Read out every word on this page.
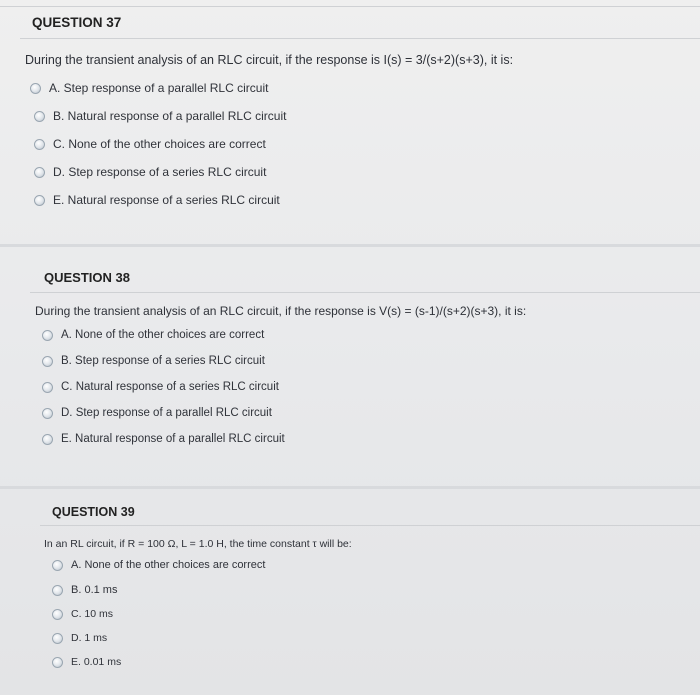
QUESTION 37
During the transient analysis of an RLC circuit, if the response is I(s) = 3/(s+2)(s+3), it is:
A. Step response of a parallel RLC circuit
B. Natural response of a parallel RLC circuit
C. None of the other choices are correct
D. Step response of a series RLC circuit
E. Natural response of a series RLC circuit
QUESTION 38
During the transient analysis of an RLC circuit, if the response is V(s) = (s-1)/(s+2)(s+3), it is:
A. None of the other choices are correct
B. Step response of a series RLC circuit
C. Natural response of a series RLC circuit
D. Step response of a parallel RLC circuit
E. Natural response of a parallel RLC circuit
QUESTION 39
In an RL circuit, if R = 100 Ω, L = 1.0 H, the time constant τ will be:
A. None of the other choices are correct
B. 0.1 ms
C. 10 ms
D. 1 ms
E. 0.01 ms
